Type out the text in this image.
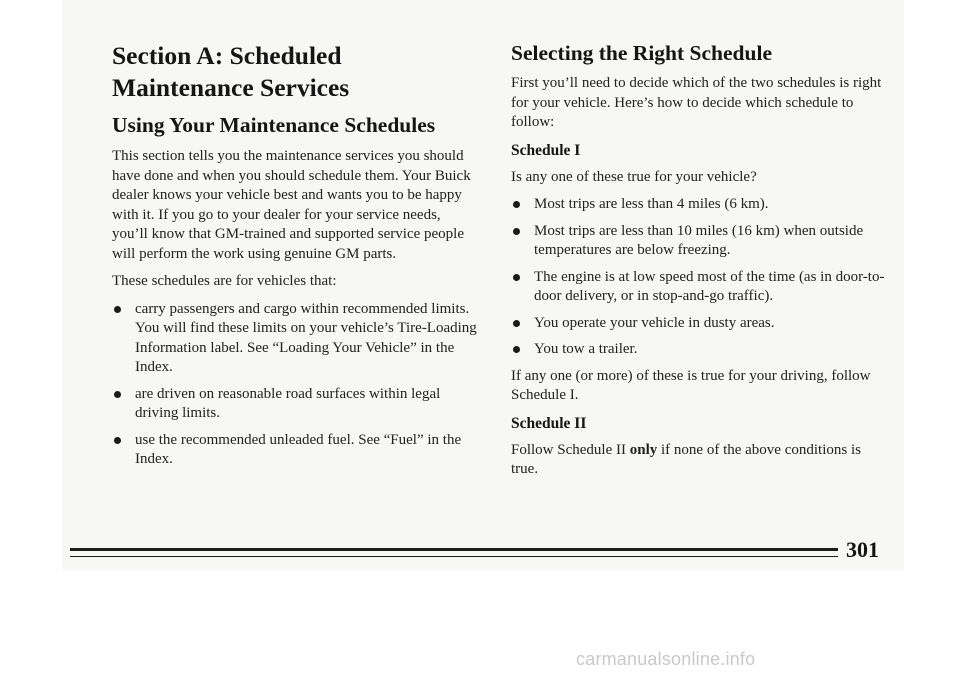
Section A: Scheduled Maintenance Services
Using Your Maintenance Schedules

This section tells you the maintenance services you should have done and when you should schedule them. Your Buick dealer knows your vehicle best and wants you to be happy with it. If you go to your dealer for your service needs, you’ll know that GM-trained and supported service people will perform the work using genuine GM parts.

These schedules are for vehicles that:

carry passengers and cargo within recommended limits. You will find these limits on your vehicle’s Tire-Loading Information label. See “Loading Your Vehicle” in the Index.
are driven on reasonable road surfaces within legal driving limits.
use the recommended unleaded fuel. See “Fuel” in the Index.
Selecting the Right Schedule

First you’ll need to decide which of the two schedules is right for your vehicle. Here’s how to decide which schedule to follow:

Schedule I

Is any one of these true for your vehicle?

Most trips are less than 4 miles (6 km).
Most trips are less than 10 miles (16 km) when outside temperatures are below freezing.
The engine is at low speed most of the time (as in door-to-door delivery, or in stop-and-go traffic).
You operate your vehicle in dusty areas.
You tow a trailer.

If any one (or more) of these is true for your driving, follow Schedule I.

Schedule II

Follow Schedule II only if none of the above conditions is true.

301
carmanualsonline.info
